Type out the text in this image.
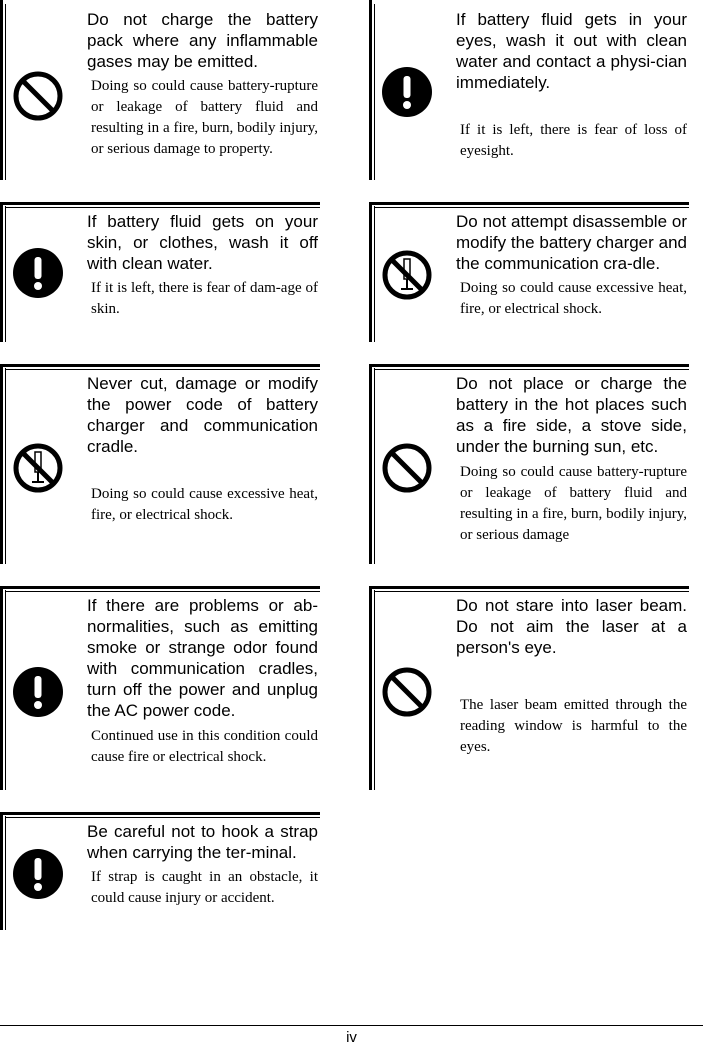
Do not charge the battery pack where any inflammable gases may be emitted.
Doing so could cause battery-rupture or leakage of battery fluid and resulting in a fire, burn, bodily injury, or serious damage to property.
If battery fluid gets in your eyes, wash it out with clean water and contact a physi-cian immediately.
If it is left, there is fear of loss of eyesight.
If battery fluid gets on your skin, or clothes, wash it off with clean water.
If it is left, there is fear of dam-age of skin.
Do not attempt disassemble or modify the battery charger and the communication cra-dle.
Doing so could cause excessive heat, fire, or electrical shock.
Never cut, damage or modify the power code of battery charger and communication cradle.
Doing so could cause excessive heat, fire, or electrical shock.
Do not place or charge the battery in the hot places such as a fire side, a stove side, under the burning sun, etc.
Doing so could cause battery-rupture or leakage of battery fluid and resulting in a fire, burn, bodily injury, or serious damage
If there are problems or ab-normalities, such as emitting smoke or strange odor found with communication cradles, turn off the power and unplug the AC power code.
Continued use in this condition could cause fire or electrical shock.
Do not stare into laser beam. Do not aim the laser at a person's eye.
The laser beam emitted through the reading window is harmful to the eyes.
Be careful not to hook a strap when carrying the ter-minal.
If strap is caught in an obstacle, it could cause injury or accident.
iv
